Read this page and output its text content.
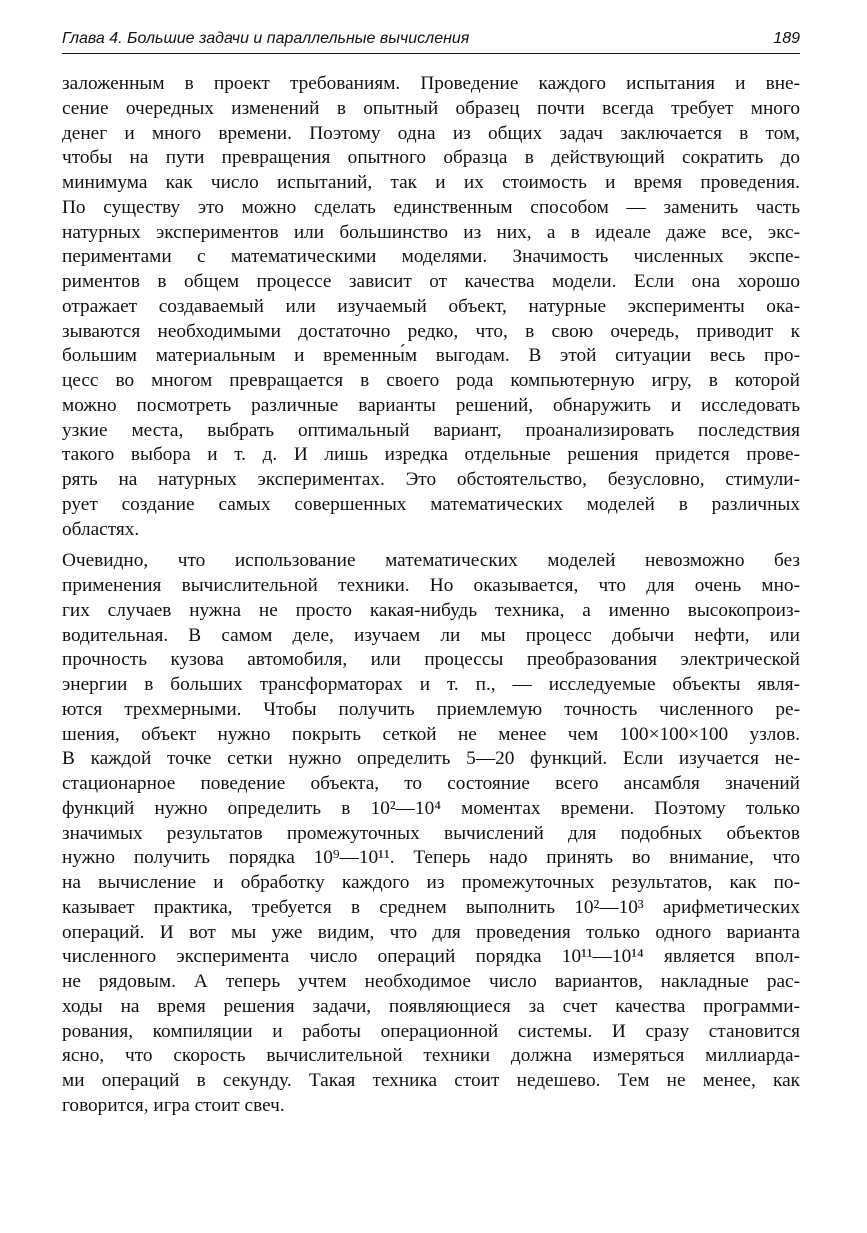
Глава 4. Большие задачи и параллельные вычисления	189

заложенным в проект требованиям. Проведение каждого испытания и вне-
сение очередных изменений в опытный образец почти всегда требует много
денег и много времени. Поэтому одна из общих задач заключается в том,
чтобы на пути превращения опытного образца в действующий сократить до
минимума как число испытаний, так и их стоимость и время проведения.
По существу это можно сделать единственным способом — заменить часть
натурных экспериментов или большинство из них, а в идеале даже все, экс-
периментами с математическими моделями. Значимость численных экспе-
риментов в общем процессе зависит от качества модели. Если она хорошо
отражает создаваемый или изучаемый объект, натурные эксперименты ока-
зываются необходимыми достаточно редко, что, в свою очередь, приводит к
большим материальным и временны́м выгодам. В этой ситуации весь про-
цесс во многом превращается в своего рода компьютерную игру, в которой
можно посмотреть различные варианты решений, обнаружить и исследовать
узкие места, выбрать оптимальный вариант, проанализировать последствия
такого выбора и т. д. И лишь изредка отдельные решения придется прове-
рять на натурных экспериментах. Это обстоятельство, безусловно, стимули-
рует создание самых совершенных математических моделей в различных
областях.

Очевидно, что использование математических моделей невозможно без
применения вычислительной техники. Но оказывается, что для очень мно-
гих случаев нужна не просто какая-нибудь техника, а именно высокопроиз-
водительная. В самом деле, изучаем ли мы процесс добычи нефти, или
прочность кузова автомобиля, или процессы преобразования электрической
энергии в больших трансформаторах и т. п., — исследуемые объекты явля-
ются трехмерными. Чтобы получить приемлемую точность численного ре-
шения, объект нужно покрыть сеткой не менее чем 100×100×100 узлов.
В каждой точке сетки нужно определить 5—20 функций. Если изучается не-
стационарное поведение объекта, то состояние всего ансамбля значений
функций нужно определить в 10²—10⁴ моментах времени. Поэтому только
значимых результатов промежуточных вычислений для подобных объектов
нужно получить порядка 10⁹—10¹¹. Теперь надо принять во внимание, что
на вычисление и обработку каждого из промежуточных результатов, как по-
казывает практика, требуется в среднем выполнить 10²—10³ арифметических
операций. И вот мы уже видим, что для проведения только одного варианта
численного эксперимента число операций порядка 10¹¹—10¹⁴ является впол-
не рядовым. А теперь учтем необходимое число вариантов, накладные рас-
ходы на время решения задачи, появляющиеся за счет качества программи-
рования, компиляции и работы операционной системы. И сразу становится
ясно, что скорость вычислительной техники должна измеряться миллиарда-
ми операций в секунду. Такая техника стоит недешево. Тем не менее, как
говорится, игра стоит свеч.
